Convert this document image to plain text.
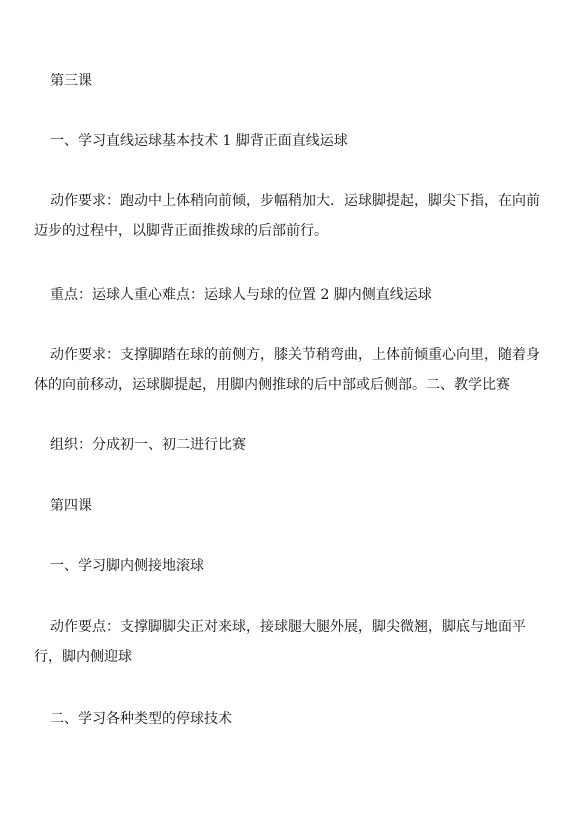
第三课

一、学习直线运球基本技术 1 脚背正面直线运球

动作要求：跑动中上体稍向前倾，步幅稍加大．运球脚提起，脚尖下指，在向前迈步的过程中，以脚背正面推拨球的后部前行。

重点：运球人重心难点：运球人与球的位置 2 脚内侧直线运球

动作要求：支撑脚踏在球的前侧方，膝关节稍弯曲，上体前倾重心向里，随着身体的向前移动，运球脚提起，用脚内侧推球的后中部或后侧部。二、教学比赛

组织：分成初一、初二进行比赛

第四课

一、学习脚内侧接地滚球

动作要点：支撑脚脚尖正对来球，接球腿大腿外展，脚尖微翘，脚底与地面平行，脚内侧迎球

二、学习各种类型的停球技术
